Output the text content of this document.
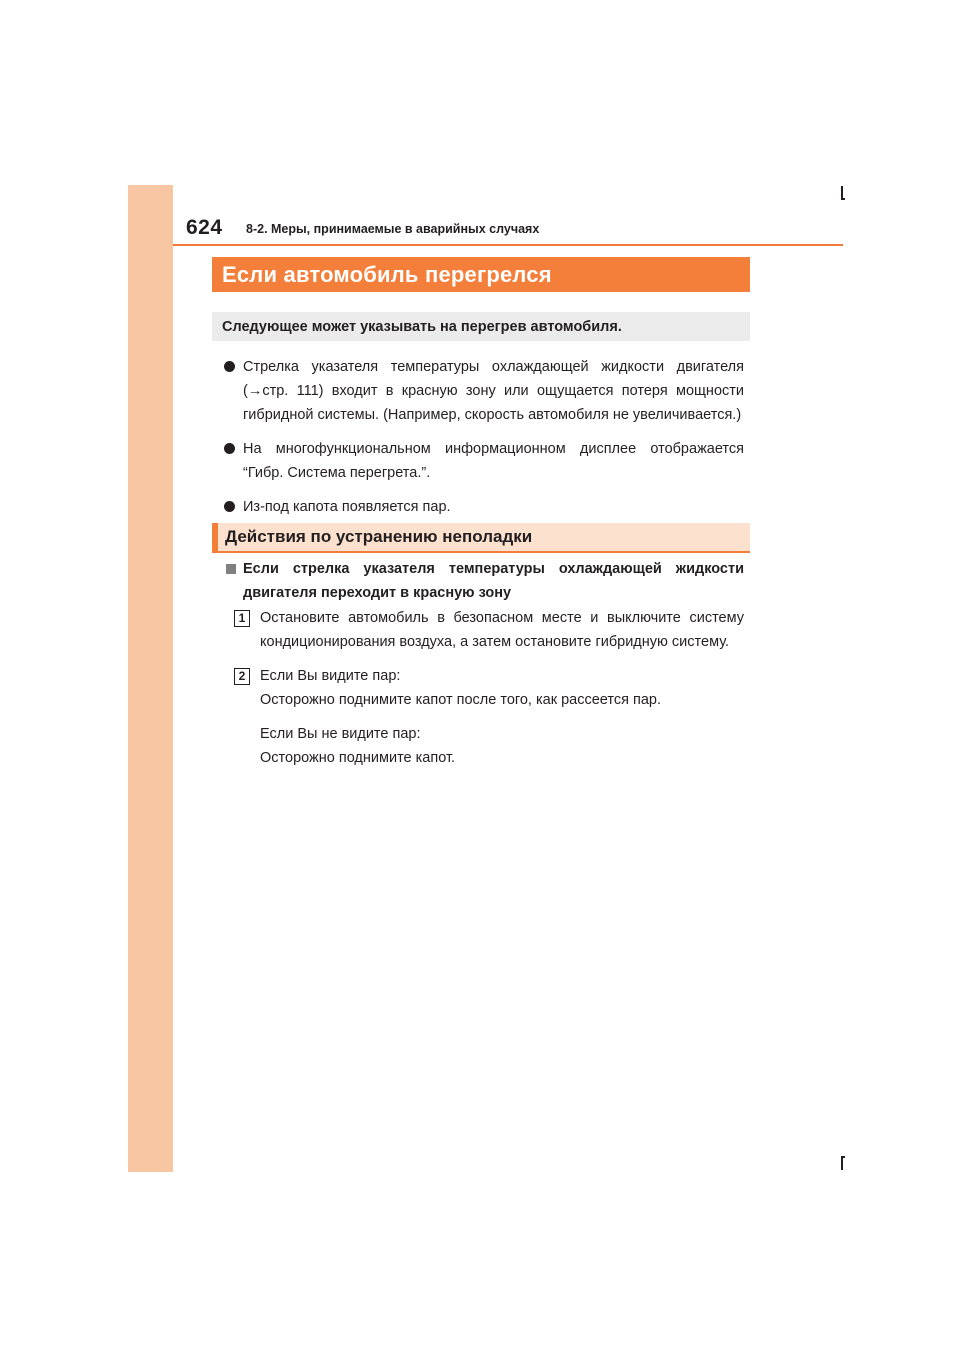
624 8-2. Меры, принимаемые в аварийных случаях
Если автомобиль перегрелся
Следующее может указывать на перегрев автомобиля.
Стрелка указателя температуры охлаждающей жидкости двигателя (→стр. 111) входит в красную зону или ощущается потеря мощности гибридной системы. (Например, скорость автомобиля не увеличивается.)
На многофункциональном информационном дисплее отображается “Гибр. Система перегрета.”.
Из-под капота появляется пар.
Действия по устранению неполадки
Если стрелка указателя температуры охлаждающей жидкости двигателя переходит в красную зону
1	Остановите автомобиль в безопасном месте и выключите систему кондиционирования воздуха, а затем остановите гибридную систему.
2	Если Вы видите пар:
Осторожно поднимите капот после того, как рассеется пар.
Если Вы не видите пар:
Осторожно поднимите капот.
